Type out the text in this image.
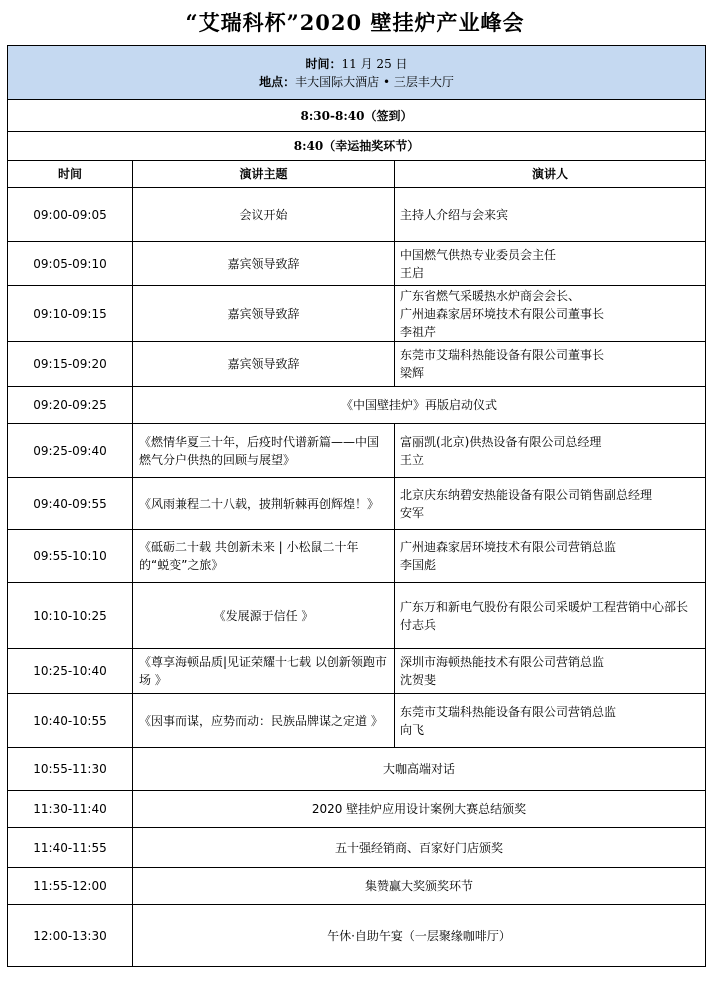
“艾瑞科杯”2020 壁挂炉产业峰会
时间：11 月 25 日
地点：丰大国际大酒店 • 三层丰大厅		

8:30-8:40（签到）		
8:40（幸运抽奖环节）		
时间	演讲主题	演讲人
09:00-09:05	会议开始	主持人介绍与会来宾

09:05-09:10	嘉宾领导致辞	中国燃气供热专业委员会主任
王启

09:10-09:15	嘉宾领导致辞	广东省燃气采暖热水炉商会会长、
广州迪森家居环境技术有限公司董事长
李祖芹

09:15-09:20	嘉宾领导致辞	东莞市艾瑞科热能设备有限公司董事长
梁辉

09:20-09:25	《中国壁挂炉》再版启动仪式	
09:25-09:40	《燃情华夏三十年，后疫时代谱新篇——中国燃气分户供热的回顾与展望》	富丽凯(北京)供热设备有限公司总经理
王立

09:40-09:55	《风雨兼程二十八载，披荆斩棘再创辉煌！》	北京庆东纳碧安热能设备有限公司销售副总经理
安军

09:55-10:10	《砥砺二十载 共创新未来 | 小松鼠二十年的“蜕变”之旅》	广州迪森家居环境技术有限公司营销总监
李国彪

10:10-10:25	《发展源于信任 》	广东万和新电气股份有限公司采暖炉工程营销中心部长
付志兵

10:25-10:40	《尊享海顿品质|见证荣耀十七载 以创新领跑市场 》	深圳市海顿热能技术有限公司营销总监
沈贺斐

10:40-10:55	《因事而谋，应势而动：民族品牌谋之定道 》	东莞市艾瑞科热能设备有限公司营销总监
向飞

10:55-11:30	大咖高端对话	
11:30-11:40	2020 壁挂炉应用设计案例大赛总结颁奖	
11:40-11:55	五十强经销商、百家好门店颁奖	
11:55-12:00	集赞赢大奖颁奖环节	
12:00-13:30	午休·自助午宴（一层聚缘咖啡厅）	
